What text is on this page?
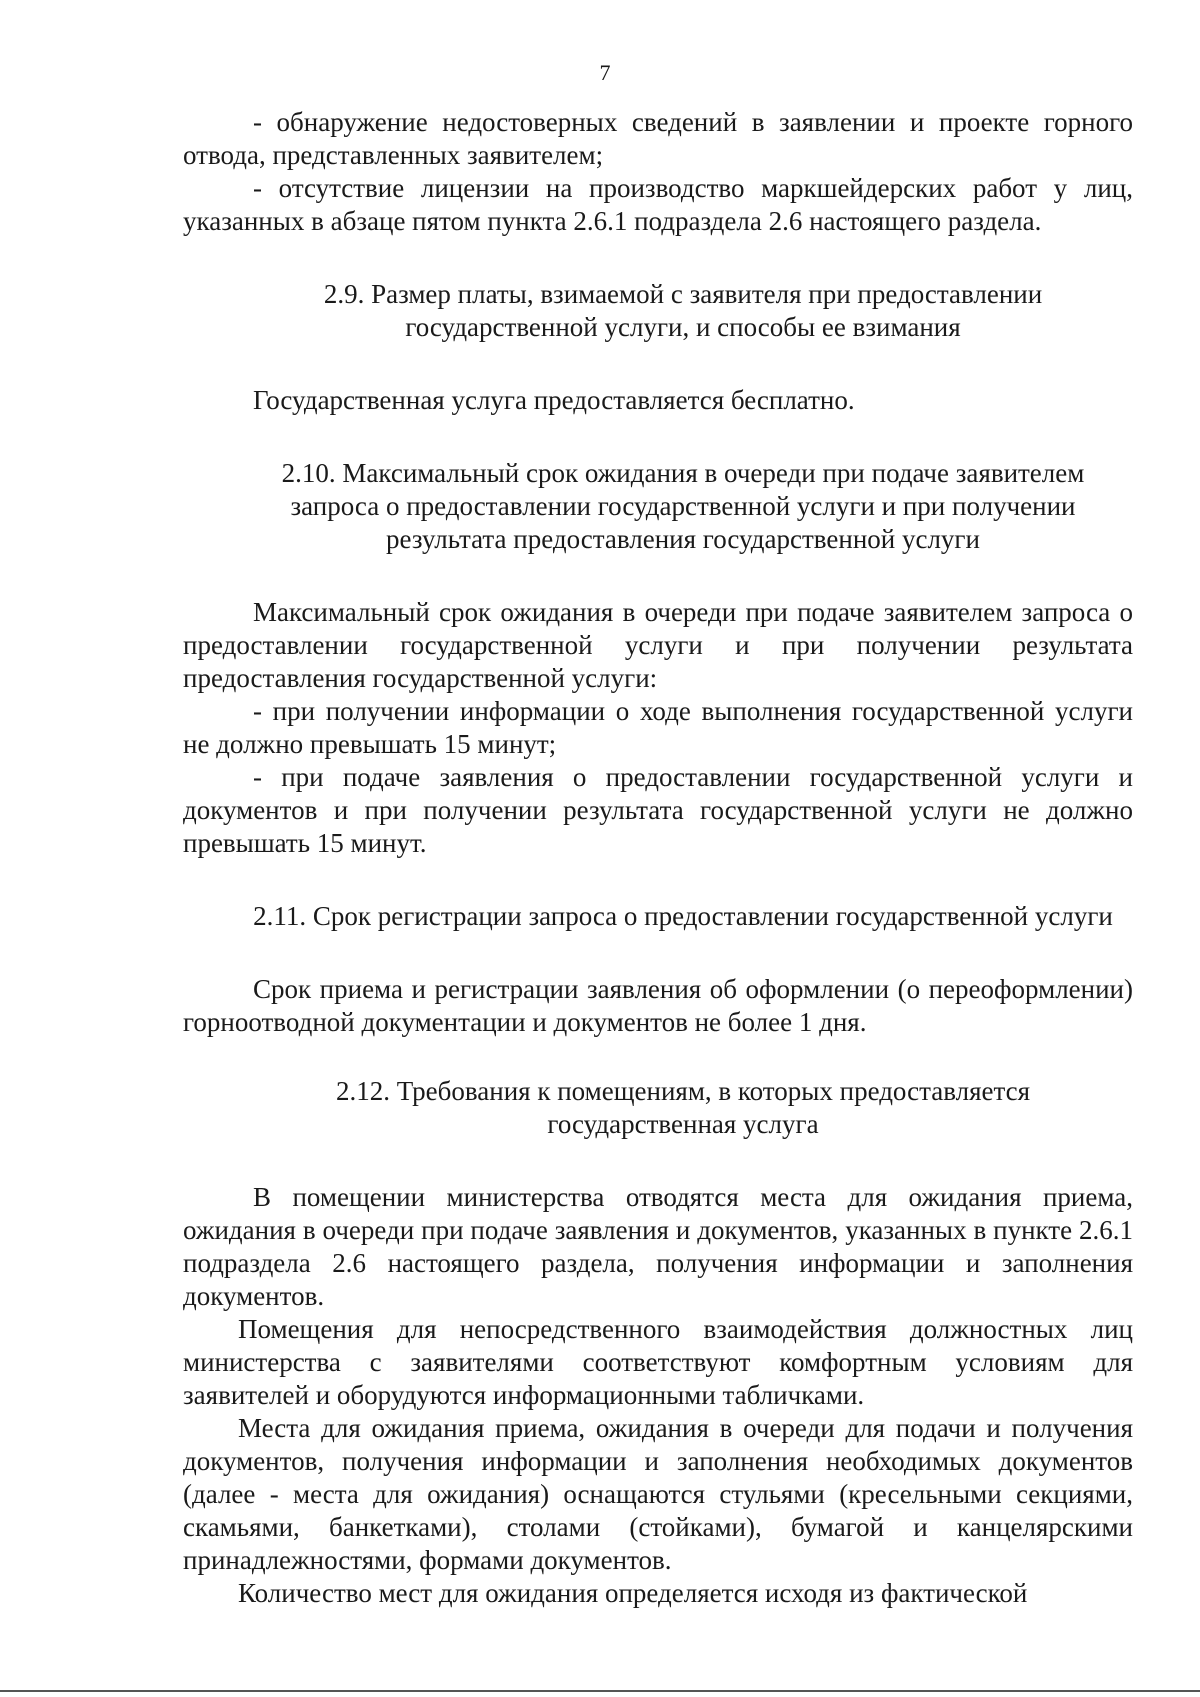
7

- обнаружение недостоверных сведений в заявлении и проекте горного отвода, представленных заявителем;

- отсутствие лицензии на производство маркшейдерских работ у лиц, указанных в абзаце пятом пункта 2.6.1 подраздела 2.6 настоящего раздела.

2.9. Размер платы, взимаемой с заявителя при предоставлении государственной услуги, и способы ее взимания

Государственная услуга предоставляется бесплатно.

2.10. Максимальный срок ожидания в очереди при подаче заявителем запроса о предоставлении государственной услуги и при получении результата предоставления государственной услуги

Максимальный срок ожидания в очереди при подаче заявителем запроса о предоставлении государственной услуги и при получении результата предоставления государственной услуги:

- при получении информации о ходе выполнения государственной услуги не должно превышать 15 минут;

- при подаче заявления о предоставлении государственной услуги и документов и при получении результата государственной услуги не должно превышать 15 минут.

2.11. Срок регистрации запроса о предоставлении государственной услуги

Срок приема и регистрации заявления об оформлении (о переоформлении) горноотводной документации и документов не более 1 дня.

2.12. Требования к помещениям, в которых предоставляется государственная услуга

В помещении министерства отводятся места для ожидания приема, ожидания в очереди при подаче заявления и документов, указанных в пункте 2.6.1 подраздела 2.6 настоящего раздела, получения информации и заполнения документов.

Помещения для непосредственного взаимодействия должностных лиц министерства с заявителями соответствуют комфортным условиям для заявителей и оборудуются информационными табличками.

Места для ожидания приема, ожидания в очереди для подачи и получения документов, получения информации и заполнения необходимых документов (далее - места для ожидания) оснащаются стульями (кресельными секциями, скамьями, банкетками), столами (стойками), бумагой и канцелярскими принадлежностями, формами документов.

Количество мест для ожидания определяется исходя из фактической
